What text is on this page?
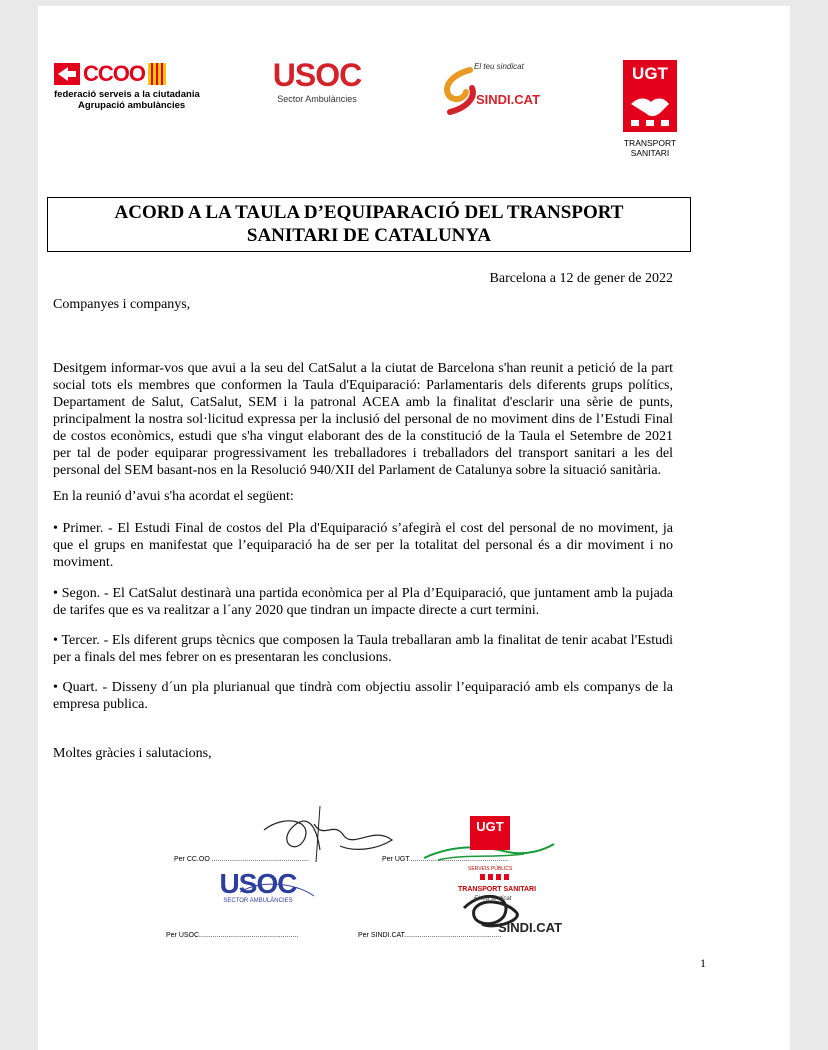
CCOO
federació serveis a la ciutadania
Agrupació ambulàncies
USOC
Sector Ambulàncies
El teu sindicat
SINDI.CAT
UGT
TRANSPORT
SANITARI
ACORD A LA TAULA D’EQUIPARACIÓ DEL TRANSPORT
SANITARI DE CATALUNYA
Barcelona a 12 de gener de 2022
Companyes i companys,
Desitgem informar-vos que avui a la seu del CatSalut a la ciutat de Barcelona s'han reunit a petició de la part social tots els membres que conformen la Taula d'Equiparació: Parlamentaris dels diferents grups polítics, Departament de Salut, CatSalut, SEM i la patronal ACEA amb la finalitat d'esclarir una sèrie de punts, principalment la nostra sol·licitud expressa per la inclusió del personal de no moviment dins de l’Estudi Final de costos econòmics, estudi que s'ha vingut elaborant des de la constitució de la Taula el Setembre de 2021 per tal de poder equiparar progressivament les treballadores i treballadors del transport sanitari a les del personal del SEM basant-nos en la Resolució 940/XII del Parlament de Catalunya sobre la situació sanitària.
En la reunió d’avui s'ha acordat el següent:
• Primer. - El Estudi Final de costos del Pla d'Equiparació s’afegirà el cost del personal de no moviment, ja que el grups en manifestat que l’equiparació ha de ser per la totalitat del personal és a dir moviment i no moviment.
• Segon. - El CatSalut destinarà una partida econòmica per al Pla d’Equiparació, que juntament amb la pujada de tarifes que es va realitzar a l´any 2020 que tindran un impacte directe a curt termini.
• Tercer. - Els diferent grups tècnics que composen la Taula treballaran amb la finalitat de tenir acabat l'Estudi per a finals del mes febrer on es presentaran les conclusions.
• Quart. - Disseny d´un pla plurianual que tindrà com objectiu assolir l’equiparació amb els companys de la empresa publica.
Moltes gràcies i salutacions,
Per CC.OO ..................................................	Per UGT...................................................
Per USOC...................................................	Per SINDI.CAT..................................................
USOC
SECTOR AMBULÀNCIES
UGT
SERVEIS PÚBLICS
TRANSPORT SANITARI
El teu sindicat
SINDI.CAT
1
